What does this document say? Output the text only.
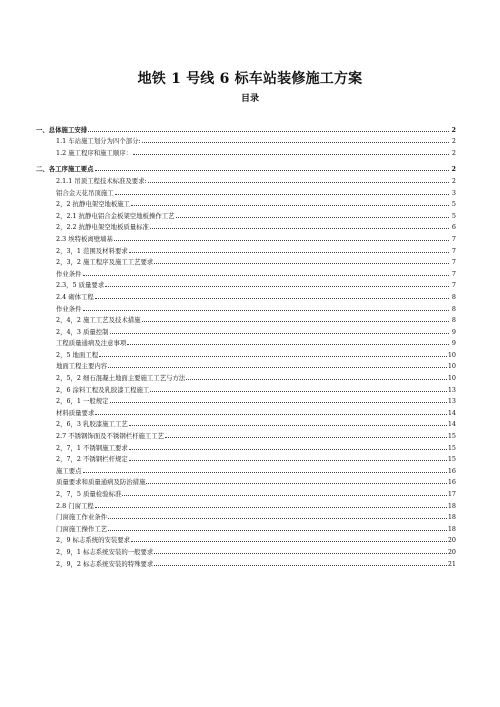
地铁 1 号线 6 标车站装修施工方案
目录
一、总体施工安排	2
1.1 车站施工划分为四个部分:	2
1.2 施工程序和施工顺序：	2
二、各工序施工要点	2
2.1.1 吊顶工程技术标准及要求:	2
铝合金天花吊顶施工	3
2，2 抗静电架空地板施工	5
2，2.1 抗静电铝合金板架空地板操作工艺	5
2，2.2 抗静电架空地板质量标准	6
2.3 埃特板离壁墙基	7
2，3，1 范围及材料要求	7
2，3，2 施工程序及施工工艺要求	7
作业条件	7
2.3，5 质量要求	7
2.4 砌体工程	8
作业条件	8
2，4，2 施工工艺及技术措施	8
2，4，3 质量控制	9
工程质量通病及注意事项	9
2，5 地面工程	10
地面工程主要内容	10
2，5，2 细石混凝土地面主要施工工艺与方法	10
2，6 涂料工程及乳胶漆工程施工	13
2，6，1 一般规定	13
材料质量要求	14
2，6，3 乳胶漆施工工艺	14
2.7 不锈钢饰面及不锈钢栏杆施工工艺	15
2，7，1 不锈钢施工要求	15
2，7，2 不锈钢栏杆规定	15
施工要点	16
质量要求和质量通病及防治措施	16
2，7，5 质量检验标准	17
2.8 门窗工程	18
门窗施工作业条件	18
门窗施工操作工艺	18
2，9 标志系统的安装要求	20
2，9，1 标志系统安装的一般要求	20
2，9，2 标志系统安装的特殊要求	21
